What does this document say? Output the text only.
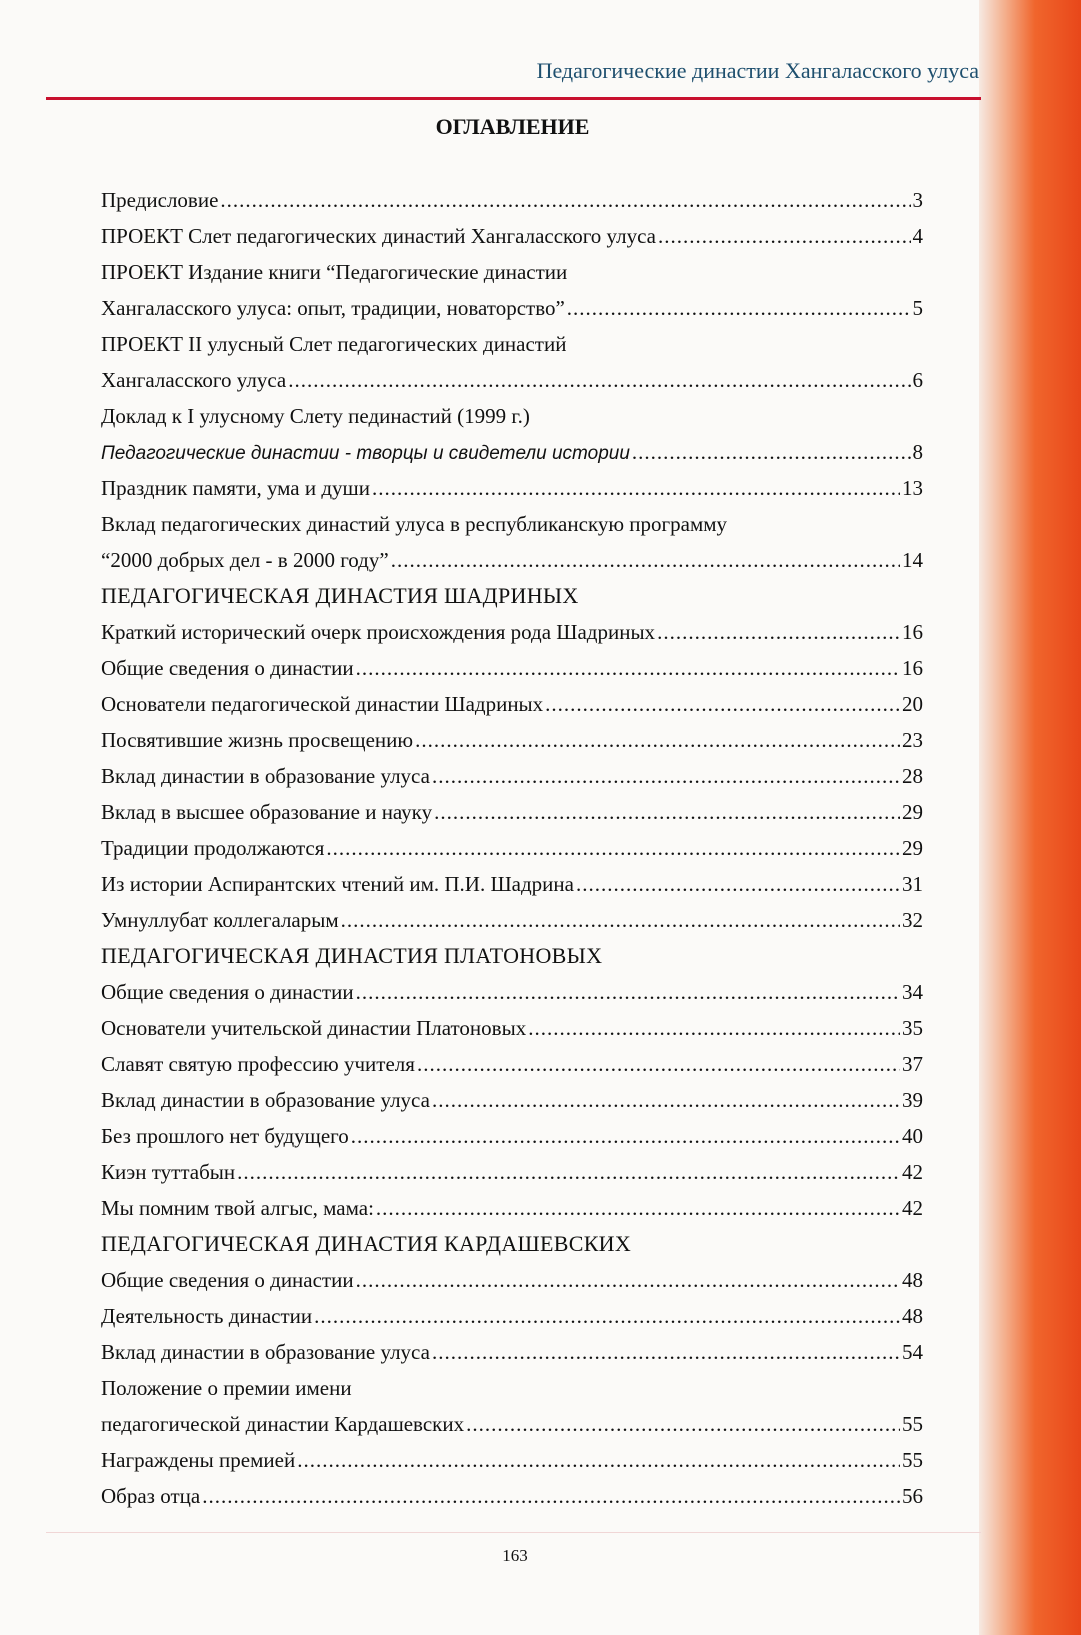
Педагогические династии Хангаласского улуса
ОГЛАВЛЕНИЕ
Предисловие .....	3
ПРОЕКТ Слет педагогических династий Хангаласского улуса .....	4
ПРОЕКТ Издание книги “Педагогические династии
Хангаласского улуса: опыт, традиции, новаторство” .....	5
ПРОЕКТ II улусный Слет педагогических династий
Хангаласского улуса .....	6
Доклад к I улусному Слету пединастий (1999 г.)
Педагогические династии - творцы и свидетели истории .....	8
Праздник памяти, ума и души .....	13
Вклад педагогических династий улуса в республиканскую программу
“2000 добрых дел - в 2000 году” .....	14
ПЕДАГОГИЧЕСКАЯ ДИНАСТИЯ ШАДРИНЫХ
Краткий исторический очерк происхождения рода Шадриных .....	16
Общие сведения о династии .....	16
Основатели педагогической династии Шадриных .....	20
Посвятившие жизнь просвещению .....	23
Вклад династии в образование улуса .....	28
Вклад в высшее образование и науку .....	29
Традиции продолжаются .....	29
Из истории Аспирантских чтений им. П.И. Шадрина .....	31
Умнуллубат коллегаларым .....	32
ПЕДАГОГИЧЕСКАЯ ДИНАСТИЯ ПЛАТОНОВЫХ
Общие сведения о династии .....	34
Основатели учительской династии Платоновых .....	35
Славят святую профессию учителя .....	37
Вклад династии в образование улуса .....	39
Без прошлого нет будущего .....	40
Киэн туттабын .....	42
Мы помним твой алгыс, мама: .....	42
ПЕДАГОГИЧЕСКАЯ ДИНАСТИЯ КАРДАШЕВСКИХ
Общие сведения о династии .....	48
Деятельность династии .....	48
Вклад династии в образование улуса .....	54
Положение о премии имени
педагогической династии Кардашевских .....	55
Награждены премией .....	55
Образ отца .....	56
163
